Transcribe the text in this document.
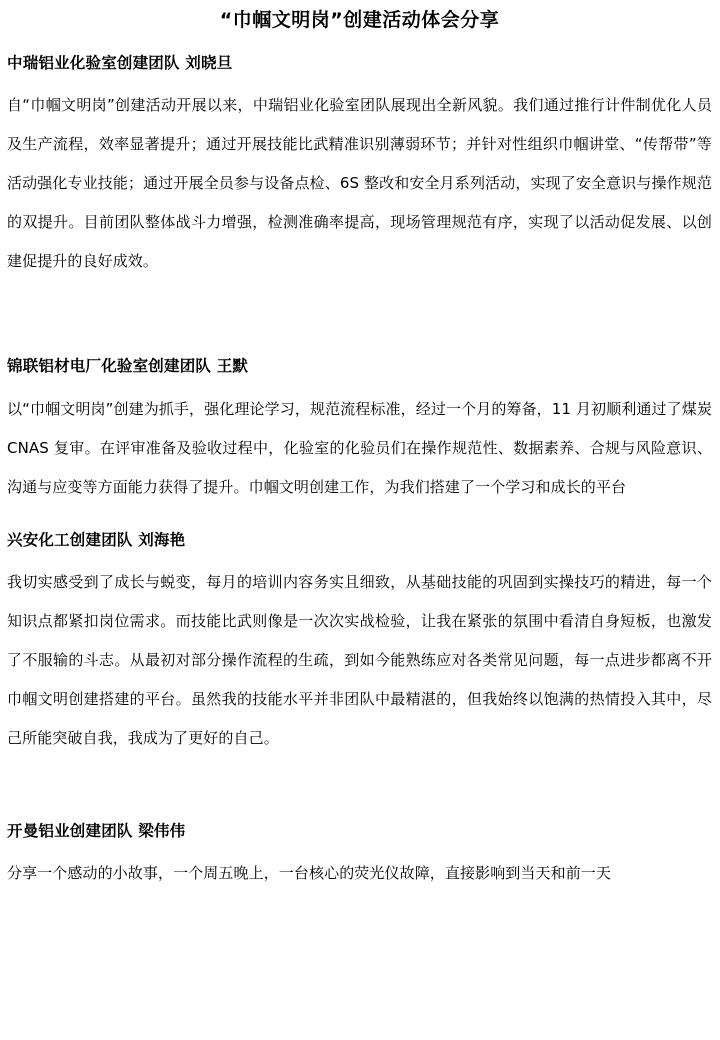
“巾帼文明岗”创建活动体会分享
中瑞铝业化验室创建团队 刘晓旦

自“巾帼文明岗”创建活动开展以来，中瑞铝业化验室团队展现出全新风貌。我们通过推行计件制优化人员及生产流程，效率显著提升；通过开展技能比武精准识别薄弱环节；并针对性组织巾帼讲堂、“传帮带”等活动强化专业技能；通过开展全员参与设备点检、6S 整改和安全月系列活动，实现了安全意识与操作规范的双提升。目前团队整体战斗力增强，检测准确率提高，现场管理规范有序，实现了以活动促发展、以创建促提升的良好成效。

锦联铝材电厂化验室创建团队 王默

以“巾帼文明岗”创建为抓手，强化理论学习，规范流程标准，经过一个月的筹备，11 月初顺利通过了煤炭 CNAS 复审。在评审准备及验收过程中，化验室的化验员们在操作规范性、数据素养、合规与风险意识、沟通与应变等方面能力获得了提升。巾帼文明创建工作，为我们搭建了一个学习和成长的平台

兴安化工创建团队 刘海艳

我切实感受到了成长与蜕变，每月的培训内容务实且细致，从基础技能的巩固到实操技巧的精进，每一个知识点都紧扣岗位需求。而技能比武则像是一次次实战检验，让我在紧张的氛围中看清自身短板，也激发了不服输的斗志。从最初对部分操作流程的生疏，到如今能熟练应对各类常见问题，每一点进步都离不开巾帼文明创建搭建的平台。虽然我的技能水平并非团队中最精湛的，但我始终以饱满的热情投入其中，尽己所能突破自我，我成为了更好的自己。

开曼铝业创建团队 梁伟伟

分享一个感动的小故事，一个周五晚上，一台核心的荧光仪故障，直接影响到当天和前一天
